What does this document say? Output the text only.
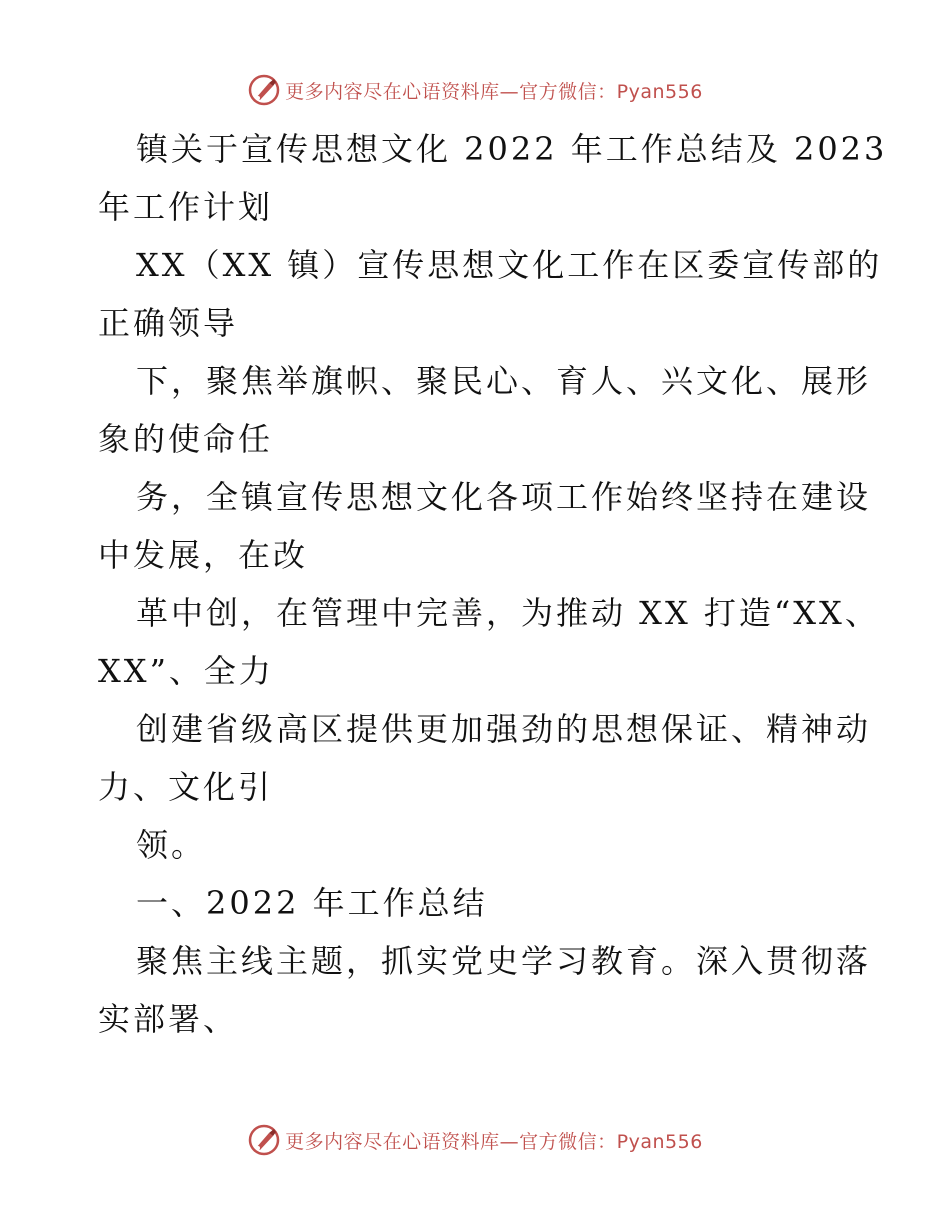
更多内容尽在心语资料库—官方微信：Pyan556
镇关于宣传思想文化 2022 年工作总结及 2023
年工作计划
XX（XX 镇）宣传思想文化工作在区委宣传部的
正确领导
下，聚焦举旗帜、聚民心、育人、兴文化、展形
象的使命任
务，全镇宣传思想文化各项工作始终坚持在建设
中发展，在改
革中创，在管理中完善，为推动 XX 打造“XX、
XX”、全力
创建省级高区提供更加强劲的思想保证、精神动
力、文化引
领。
一、2022 年工作总结
聚焦主线主题，抓实党史学习教育。深入贯彻落
实部署、
更多内容尽在心语资料库—官方微信：Pyan556
